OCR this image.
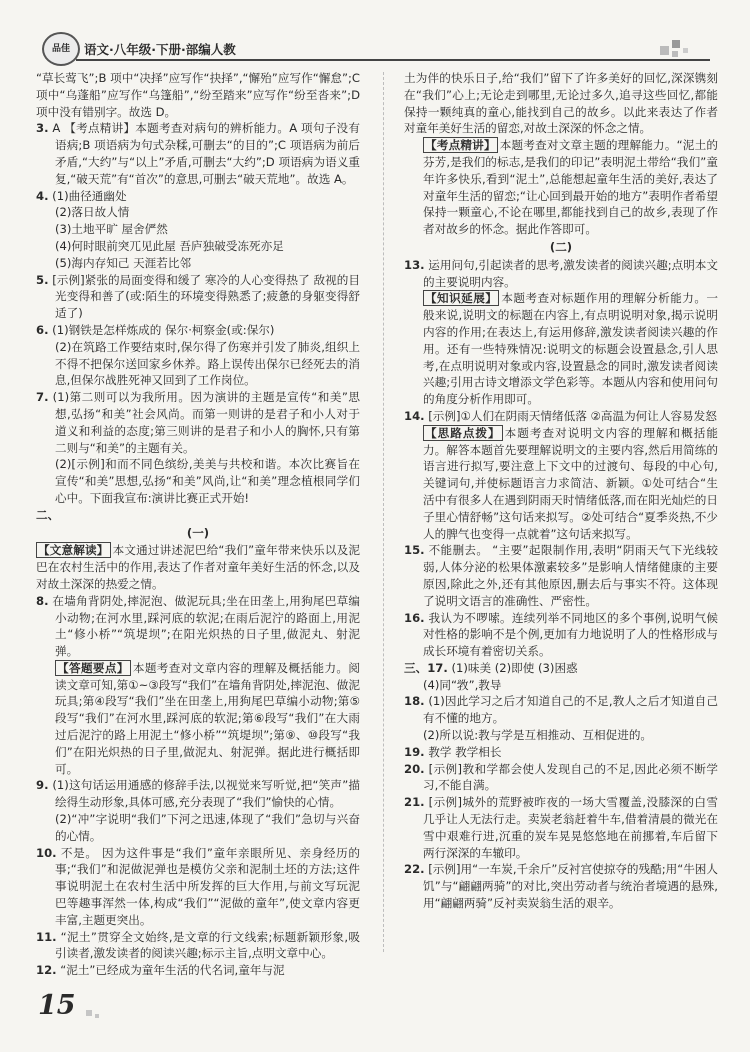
品佳	语文·八年级·下册·部编人教

“草长莺飞”;B 项中“决择”应写作“抉择”,“懈殆”应写作“懈怠”;C 项中“乌蓬船”应写作“乌篷船”,“纷至踏来”应写作“纷至沓来”;D 项中没有错别字。故选 D。

3. A 【考点精讲】本题考查对病句的辨析能力。A 项句子没有语病;B 项语病为句式杂糅,可删去“的目的”;C 项语病为前后矛盾,“大约”与“以上”矛盾,可删去“大约”;D 项语病为语义重复,“破天荒”有“首次”的意思,可删去“破天荒地”。故选 A。

4. (1)曲径通幽处

(2)落日故人情

(3)土地平旷 屋舍俨然

(4)何时眼前突兀见此屋 吾庐独破受冻死亦足

(5)海内存知己 天涯若比邻

5. [示例]紧张的局面变得和缓了 寒冷的人心变得热了 敌视的目光变得和善了(或:陌生的环境变得熟悉了;疲惫的身躯变得舒适了)

6. (1)钢铁是怎样炼成的 保尔·柯察金(或:保尔)

(2)在筑路工作要结束时,保尔得了伤寒并引发了肺炎,组织上不得不把保尔送回家乡休养。路上误传出保尔已经死去的消息,但保尔战胜死神又回到了工作岗位。

7. (1)第二则可以为我所用。因为演讲的主题是宣传“和美”思想,弘扬“和美”社会风尚。而第一则讲的是君子和小人对于道义和利益的态度;第三则讲的是君子和小人的胸怀,只有第二则与“和美”的主题有关。

(2)[示例]和而不同色缤纷,美美与共校和谐。本次比赛旨在宣传“和美”思想,弘扬“和美”风尚,让“和美”理念植根同学们心中。下面我宣布:演讲比赛正式开始!

二、

(一)

【文意解读】 本文通过讲述泥巴给“我们”童年带来快乐以及泥巴在农村生活中的作用,表达了作者对童年美好生活的怀念,以及对故土深深的热爱之情。

8. 在墙角背阴处,摔泥泡、做泥玩具;坐在田垄上,用狗尾巴草编小动物;在河水里,踩河底的软泥;在雨后泥泞的路面上,用泥土“修小桥”“筑堤坝”;在阳光炽热的日子里,做泥丸、射泥弹。

【答题要点】 本题考查对文章内容的理解及概括能力。阅读文章可知,第①~③段写“我们”在墙角背阴处,摔泥泡、做泥玩具;第④段写“我们”坐在田垄上,用狗尾巴草编小动物;第⑤段写“我们”在河水里,踩河底的软泥;第⑥段写“我们”在大雨过后泥泞的路上用泥土“修小桥”“筑堤坝”;第⑨、⑩段写“我们”在阳光炽热的日子里,做泥丸、射泥弹。据此进行概括即可。

9. (1)这句话运用通感的修辞手法,以视觉来写听觉,把“笑声”描绘得生动形象,具体可感,充分表现了“我们”愉快的心情。

(2)“冲”字说明“我们”下河之迅速,体现了“我们”急切与兴奋的心情。

10. 不是。 因为这件事是“我们”童年亲眼所见、亲身经历的事;“我们”和泥做泥弹也是模仿父亲和泥制土坯的方法;这件事说明泥土在农村生活中所发挥的巨大作用,与前文写玩泥巴等趣事浑然一体,构成“我们”“泥做的童年”,使文章内容更丰富,主题更突出。

11. “泥土”贯穿全文始终,是文章的行文线索;标题新颖形象,吸引读者,激发读者的阅读兴趣;标示主旨,点明文章中心。

12. “泥土”已经成为童年生活的代名词,童年与泥

土为伴的快乐日子,给“我们”留下了许多美好的回忆,深深镌刻在“我们”心上;无论走到哪里,无论过多久,追寻这些回忆,都能保持一颗纯真的童心,能找到自己的故乡。以此来表达了作者对童年美好生活的留恋,对故土深深的怀念之情。

【考点精讲】 本题考查对文章主题的理解能力。“泥土的芬芳,是我们的标志,是我们的印记”表明泥土带给“我们”童年许多快乐,看到“泥土”,总能想起童年生活的美好,表达了对童年生活的留恋;“让心回到最开始的地方”表明作者希望保持一颗童心,不论在哪里,都能找到自己的故乡,表现了作者对故乡的怀念。据此作答即可。

(二)

13. 运用问句,引起读者的思考,激发读者的阅读兴趣;点明本文的主要说明内容。

【知识延展】 本题考查对标题作用的理解分析能力。一般来说,说明文的标题在内容上,有点明说明对象,揭示说明内容的作用;在表达上,有运用修辞,激发读者阅读兴趣的作用。还有一些特殊情况:说明文的标题会设置悬念,引人思考,在点明说明对象或内容,设置悬念的同时,激发读者阅读兴趣;引用古诗文增添文学色彩等。本题从内容和使用问句的角度分析作用即可。

14. [示例]①人们在阴雨天情绪低落 ②高温为何让人容易发怒

【思路点拨】 本题考查对说明文内容的理解和概括能力。解答本题首先要理解说明文的主要内容,然后用简练的语言进行拟写,要注意上下文中的过渡句、每段的中心句,关键词句,并使标题语言力求简洁、新颖。①处可结合“生活中有很多人在遇到阴雨天时情绪低落,而在阳光灿烂的日子里心情舒畅”这句话来拟写。②处可结合“夏季炎热,不少人的脾气也变得一点就着”这句话来拟写。

15. 不能删去。 “主要”起限制作用,表明“阴雨天气下光线较弱,人体分泌的松果体激素较多”是影响人情绪健康的主要原因,除此之外,还有其他原因,删去后与事实不符。这体现了说明文语言的准确性、严密性。

16. 我认为不啰嗦。连续列举不同地区的多个事例,说明气候对性格的影响不是个例,更加有力地说明了人的性格形成与成长环境有着密切关系。

三、17. (1)味美 (2)即使 (3)困惑

(4)同“敩”,教导

18. (1)因此学习之后才知道自己的不足,教人之后才知道自己有不懂的地方。

(2)所以说:教与学是互相推动、互相促进的。

19. 教学 教学相长

20. [示例]教和学都会使人发现自己的不足,因此必须不断学习,不能自满。

21. [示例]城外的荒野被昨夜的一场大雪覆盖,没膝深的白雪几乎让人无法行走。卖炭老翁赶着牛车,借着清晨的微光在雪中艰难行进,沉重的炭车晃晃悠悠地在前挪着,车后留下两行深深的车辙印。

22. [示例]用“一车炭,千余斤”反衬宫使掠夺的残酷;用“牛困人饥”与“翩翩两骑”的对比,突出劳动者与统治者境遇的悬殊,用“翩翩两骑”反衬卖炭翁生活的艰辛。

15
